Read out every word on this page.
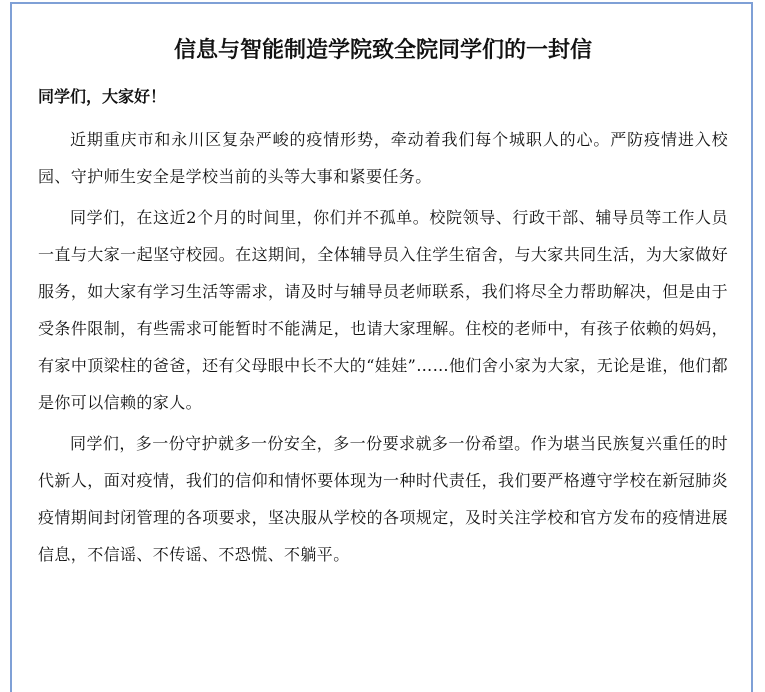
信息与智能制造学院致全院同学们的一封信

同学们，大家好！

近期重庆市和永川区复杂严峻的疫情形势，牵动着我们每个城职人的心。严防疫情进入校园、守护师生安全是学校当前的头等大事和紧要任务。

同学们，在这近2个月的时间里，你们并不孤单。校院领导、行政干部、辅导员等工作人员一直与大家一起坚守校园。在这期间，全体辅导员入住学生宿舍，与大家共同生活，为大家做好服务，如大家有学习生活等需求，请及时与辅导员老师联系，我们将尽全力帮助解决，但是由于受条件限制，有些需求可能暂时不能满足，也请大家理解。住校的老师中，有孩子依赖的妈妈，有家中顶梁柱的爸爸，还有父母眼中长不大的“娃娃”……他们舍小家为大家，无论是谁，他们都是你可以信赖的家人。

同学们，多一份守护就多一份安全，多一份要求就多一份希望。作为堪当民族复兴重任的时代新人，面对疫情，我们的信仰和情怀要体现为一种时代责任，我们要严格遵守学校在新冠肺炎疫情期间封闭管理的各项要求，坚决服从学校的各项规定，及时关注学校和官方发布的疫情进展信息，不信谣、不传谣、不恐慌、不躺平。
